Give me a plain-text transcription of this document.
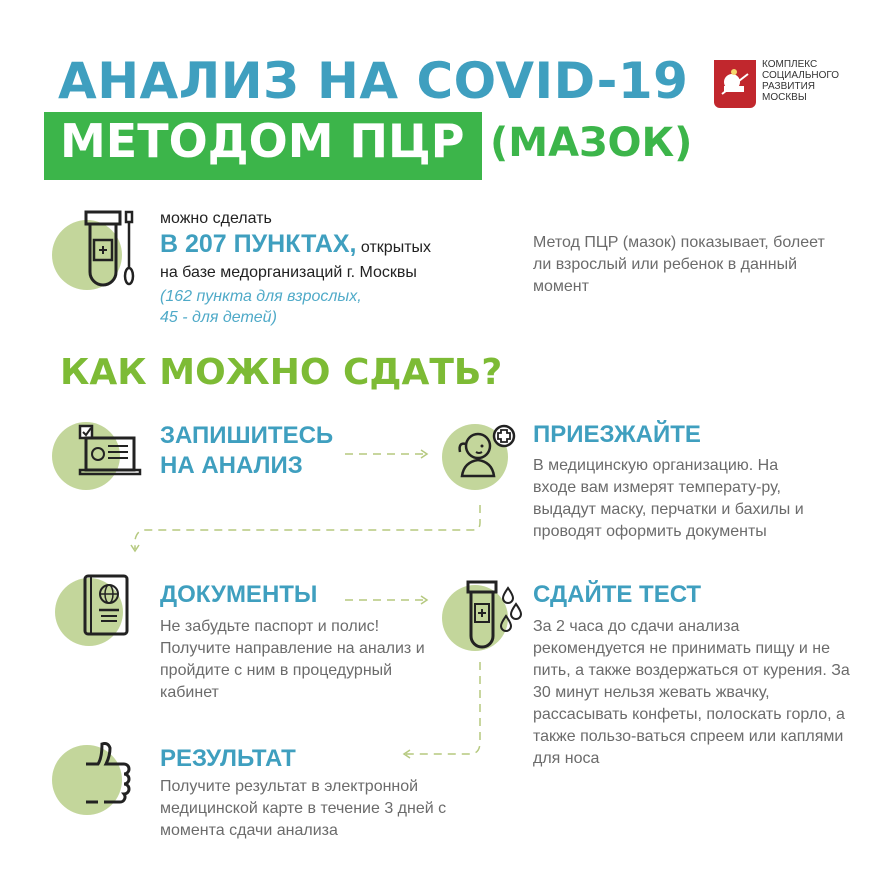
АНАЛИЗ НА COVID-19
МЕТОДОМ ПЦР (МАЗОК)
КОМПЛЕКС
СОЦИАЛЬНОГО
РАЗВИТИЯ
МОСКВЫ
можно сделать
В 207 ПУНКТАХ, открытых
на базе медорганизаций г. Москвы
(162 пункта для взрослых,
45 - для детей)
Метод ПЦР (мазок) показывает, болеет ли взрослый или ребенок в данный момент
КАК МОЖНО СДАТЬ?
ЗАПИШИТЕСЬ
НА АНАЛИЗ
ПРИЕЗЖАЙТЕ
В медицинскую организацию. На входе вам измерят температу-ру, выдадут маску, перчатки и бахилы и проводят оформить документы
ДОКУМЕНТЫ
Не забудьте паспорт и полис! Получите направление на анализ и пройдите с ним в процедурный кабинет
СДАЙТЕ ТЕСТ
За 2 часа до сдачи анализа рекомендуется не принимать пищу и не пить, а также воздержаться от курения. За 30 минут нельзя жевать жвачку, рассасывать конфеты, полоскать горло, а также пользо-ваться спреем или каплями для носа
РЕЗУЛЬТАТ
Получите результат в электронной медицинской карте в течение 3 дней с момента сдачи анализа
